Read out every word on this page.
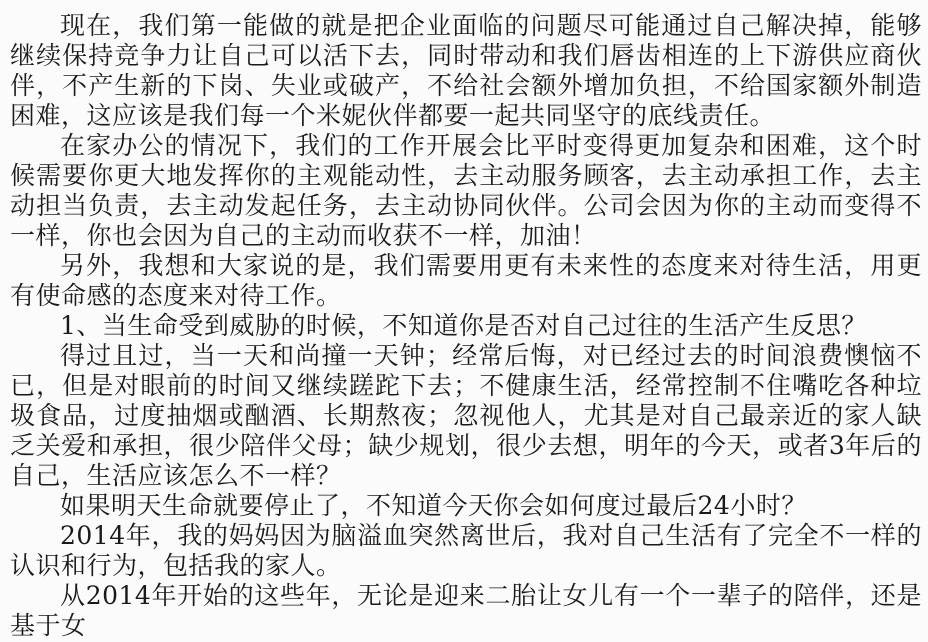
现在，我们第一能做的就是把企业面临的问题尽可能通过自己解决掉，能够继续保持竞争力让自己可以活下去，同时带动和我们唇齿相连的上下游供应商伙伴，不产生新的下岗、失业或破产，不给社会额外增加负担，不给国家额外制造困难，这应该是我们每一个米妮伙伴都要一起共同坚守的底线责任。

在家办公的情况下，我们的工作开展会比平时变得更加复杂和困难，这个时候需要你更大地发挥你的主观能动性，去主动服务顾客，去主动承担工作，去主动担当负责，去主动发起任务，去主动协同伙伴。公司会因为你的主动而变得不一样，你也会因为自己的主动而收获不一样，加油！

另外，我想和大家说的是，我们需要用更有未来性的态度来对待生活，用更有使命感的态度来对待工作。

1、当生命受到威胁的时候，不知道你是否对自己过往的生活产生反思？

得过且过，当一天和尚撞一天钟；经常后悔，对已经过去的时间浪费懊恼不已，但是对眼前的时间又继续蹉跎下去；不健康生活，经常控制不住嘴吃各种垃圾食品，过度抽烟或酗酒、长期熬夜；忽视他人，尤其是对自己最亲近的家人缺乏关爱和承担，很少陪伴父母；缺少规划，很少去想，明年的今天，或者3年后的自己，生活应该怎么不一样？

如果明天生命就要停止了，不知道今天你会如何度过最后24小时？

2014年，我的妈妈因为脑溢血突然离世后，我对自己生活有了完全不一样的认识和行为，包括我的家人。

从2014年开始的这些年，无论是迎来二胎让女儿有一个一辈子的陪伴，还是基于女
